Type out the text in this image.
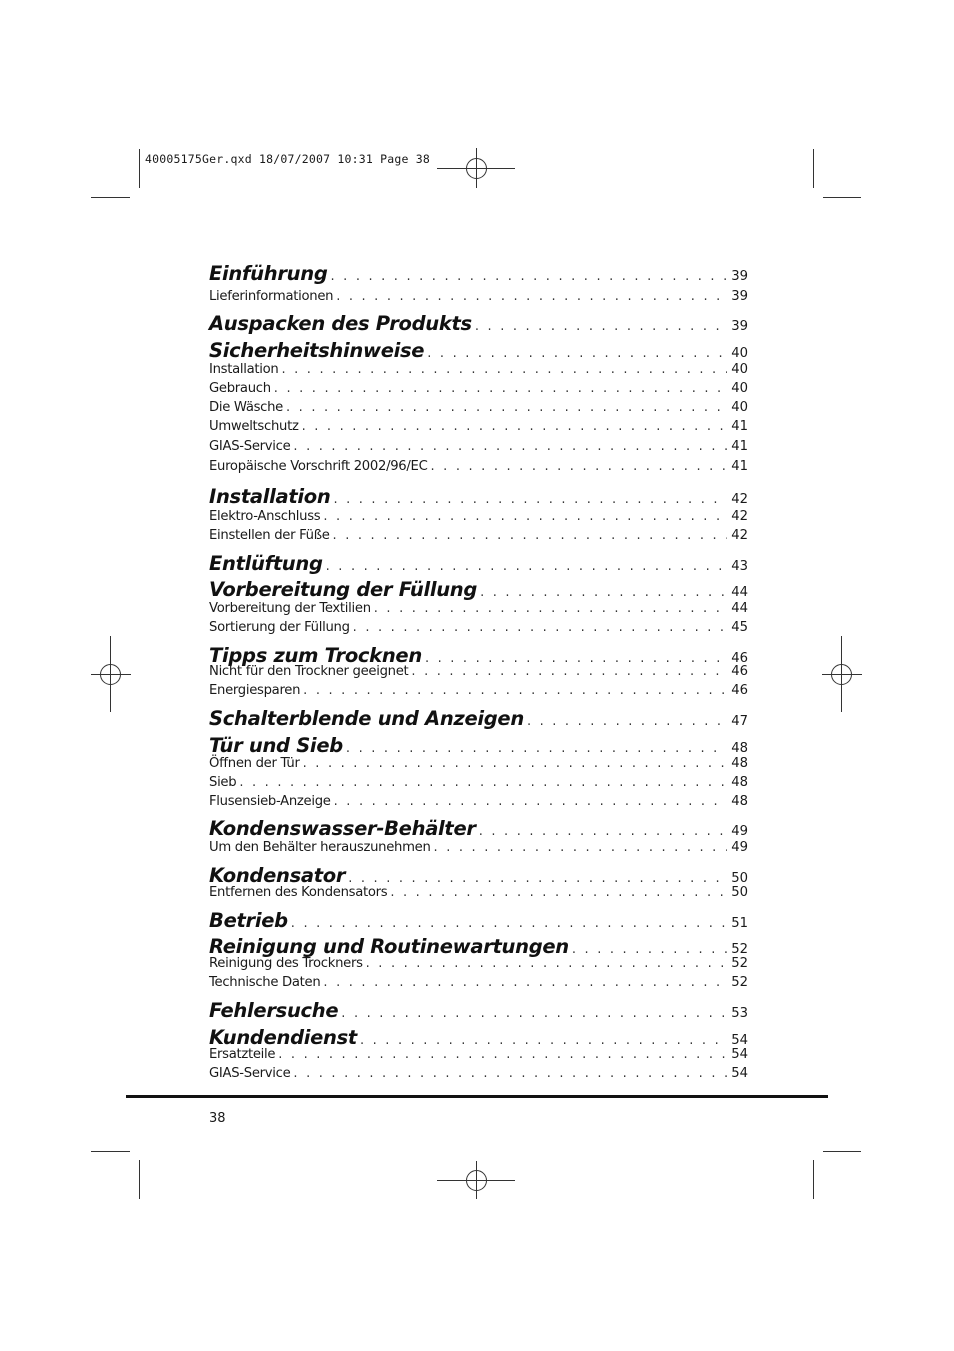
40005175Ger.qxd 18/07/2007 10:31 Page 38
Einführung . . .	39
Lieferinformationen . . .	39
Auspacken des Produkts . . .	39
Sicherheitshinweise . . .	40
Installation . . .	40
Gebrauch . . .	40
Die Wäsche . . .	40
Umweltschutz . . .	41
GIAS-Service . . .	41
Europäische Vorschrift 2002/96/EC . . .	41
Installation . . .	42
Elektro-Anschluss . . .	42
Einstellen der Füße . . .	42
Entlüftung . . .	43
Vorbereitung der Füllung . . .	44
Vorbereitung der Textilien . . .	44
Sortierung der Füllung . . .	45
Tipps zum Trocknen . . .	46
Nicht für den Trockner geeignet . . .	46
Energiesparen . . .	46
Schalterblende und Anzeigen . . .	47
Tür und Sieb . . .	48
Öffnen der Tür . . .	48
Sieb . . .	48
Flusensieb-Anzeige . . .	48
Kondenswasser-Behälter . . .	49
Um den Behälter herauszunehmen . . .	49
Kondensator . . .	50
Entfernen des Kondensators . . .	50
Betrieb . . .	51
Reinigung und Routinewartungen . . .	52
Reinigung des Trockners . . .	52
Technische Daten . . .	52
Fehlersuche . . .	53
Kundendienst . . .	54
Ersatzteile . . .	54
GIAS-Service . . .	54
38
